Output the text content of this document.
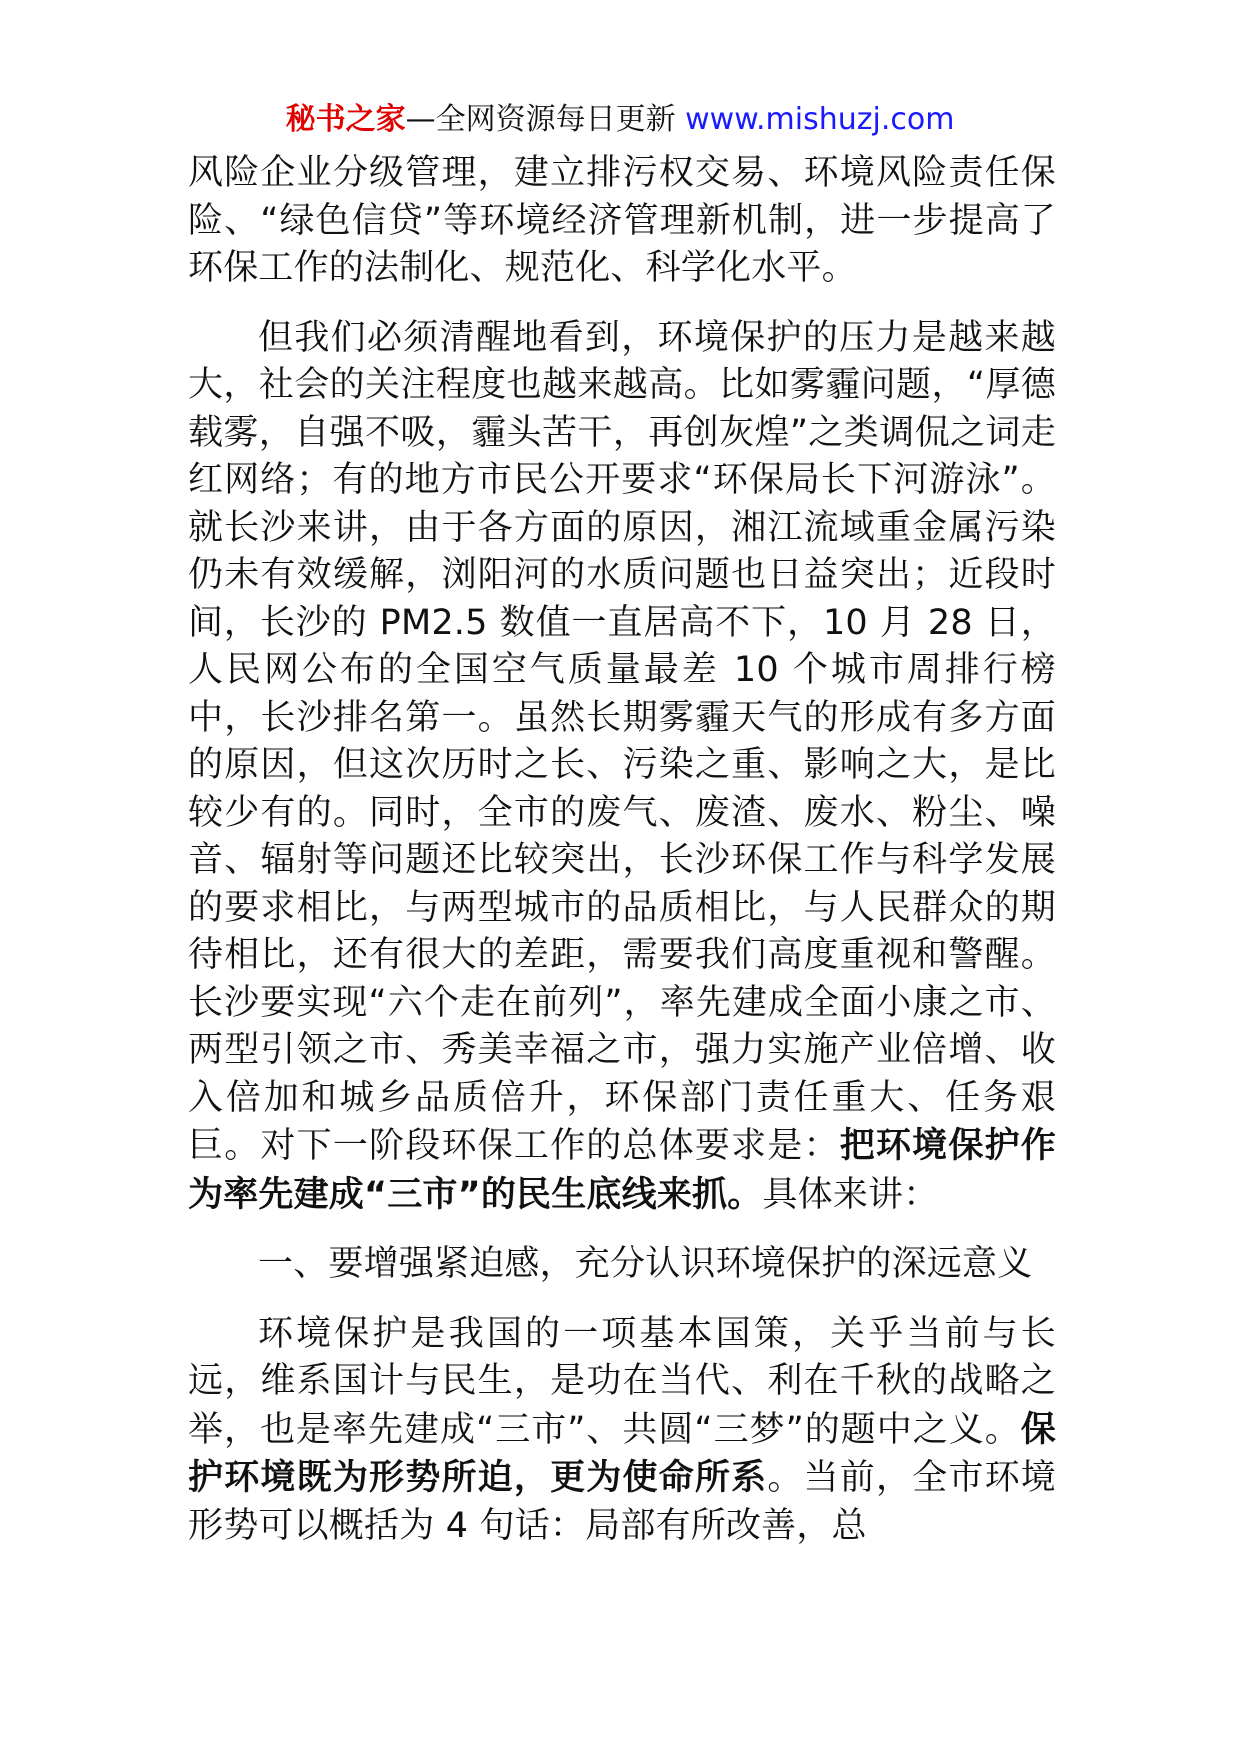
秘书之家—全网资源每日更新 www.mishuzj.com

风险企业分级管理，建立排污权交易、环境风险责任保险、“绿色信贷”等环境经济管理新机制，进一步提高了环保工作的法制化、规范化、科学化水平。

但我们必须清醒地看到，环境保护的压力是越来越大，社会的关注程度也越来越高。比如雾霾问题，“厚德载雾，自强不吸，霾头苦干，再创灰煌”之类调侃之词走红网络；有的地方市民公开要求“环保局长下河游泳”。就长沙来讲，由于各方面的原因，湘江流域重金属污染仍未有效缓解，浏阳河的水质问题也日益突出；近段时间，长沙的 PM2.5 数值一直居高不下，10 月 28 日，人民网公布的全国空气质量最差 10 个城市周排行榜中，长沙排名第一。虽然长期雾霾天气的形成有多方面的原因，但这次历时之长、污染之重、影响之大，是比较少有的。同时，全市的废气、废渣、废水、粉尘、噪音、辐射等问题还比较突出，长沙环保工作与科学发展的要求相比，与两型城市的品质相比，与人民群众的期待相比，还有很大的差距，需要我们高度重视和警醒。长沙要实现“六个走在前列”，率先建成全面小康之市、两型引领之市、秀美幸福之市，强力实施产业倍增、收入倍加和城乡品质倍升，环保部门责任重大、任务艰巨。对下一阶段环保工作的总体要求是：把环境保护作为率先建成“三市”的民生底线来抓。具体来讲：

一、要增强紧迫感，充分认识环境保护的深远意义

环境保护是我国的一项基本国策，关乎当前与长远，维系国计与民生，是功在当代、利在千秋的战略之举，也是率先建成“三市”、共圆“三梦”的题中之义。保护环境既为形势所迫，更为使命所系。当前，全市环境形势可以概括为 4 句话：局部有所改善，总
